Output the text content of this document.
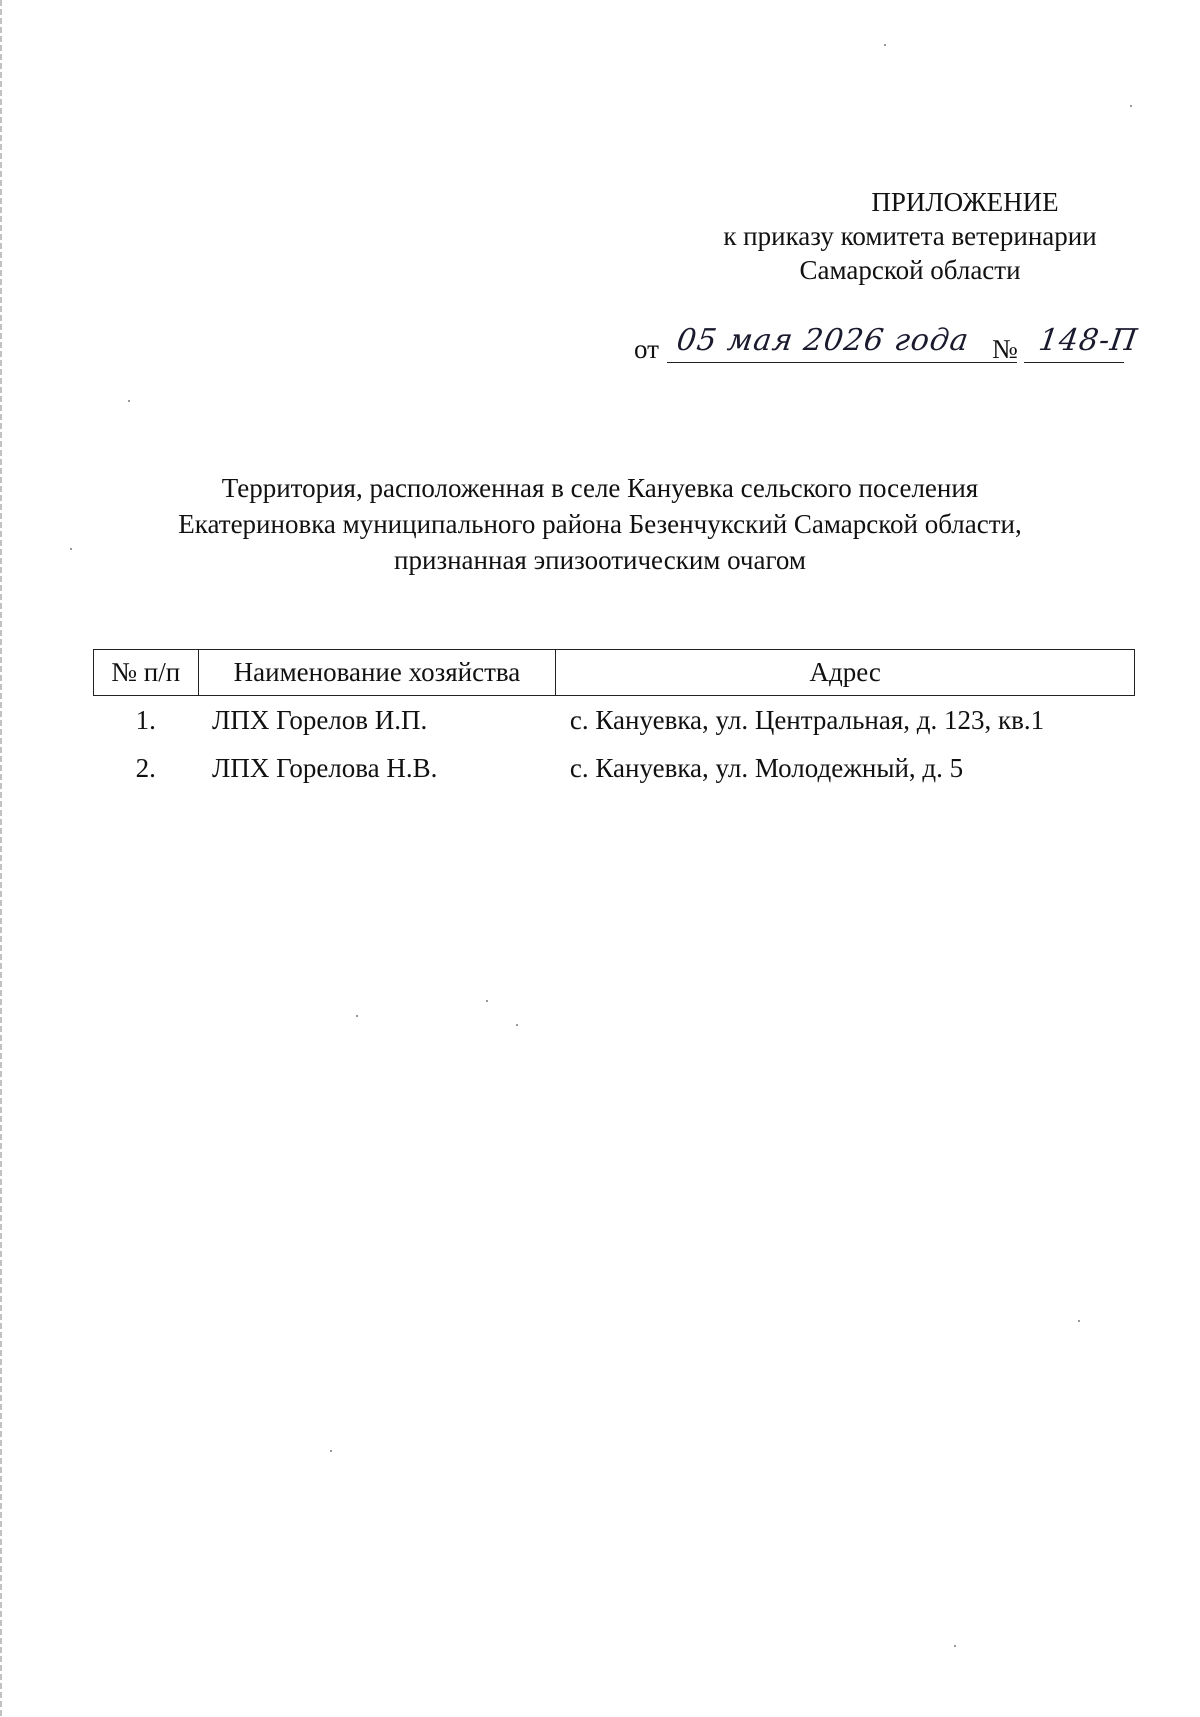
ПРИЛОЖЕНИЕ
к приказу комитета ветеринарии
Самарской области
от 05 мая 2026 года № 148-П
Территория, расположенная в селе Кануевка сельского поселения
Екатериновка муниципального района Безенчукский Самарской области,
признанная эпизоотическим очагом
№ п/п	Наименование хозяйства	Адрес
1.	ЛПХ Горелов И.П.	с. Кануевка, ул. Центральная, д. 123, кв.1
2.	ЛПХ Горелова Н.В.	с. Кануевка, ул. Молодежный, д. 5
